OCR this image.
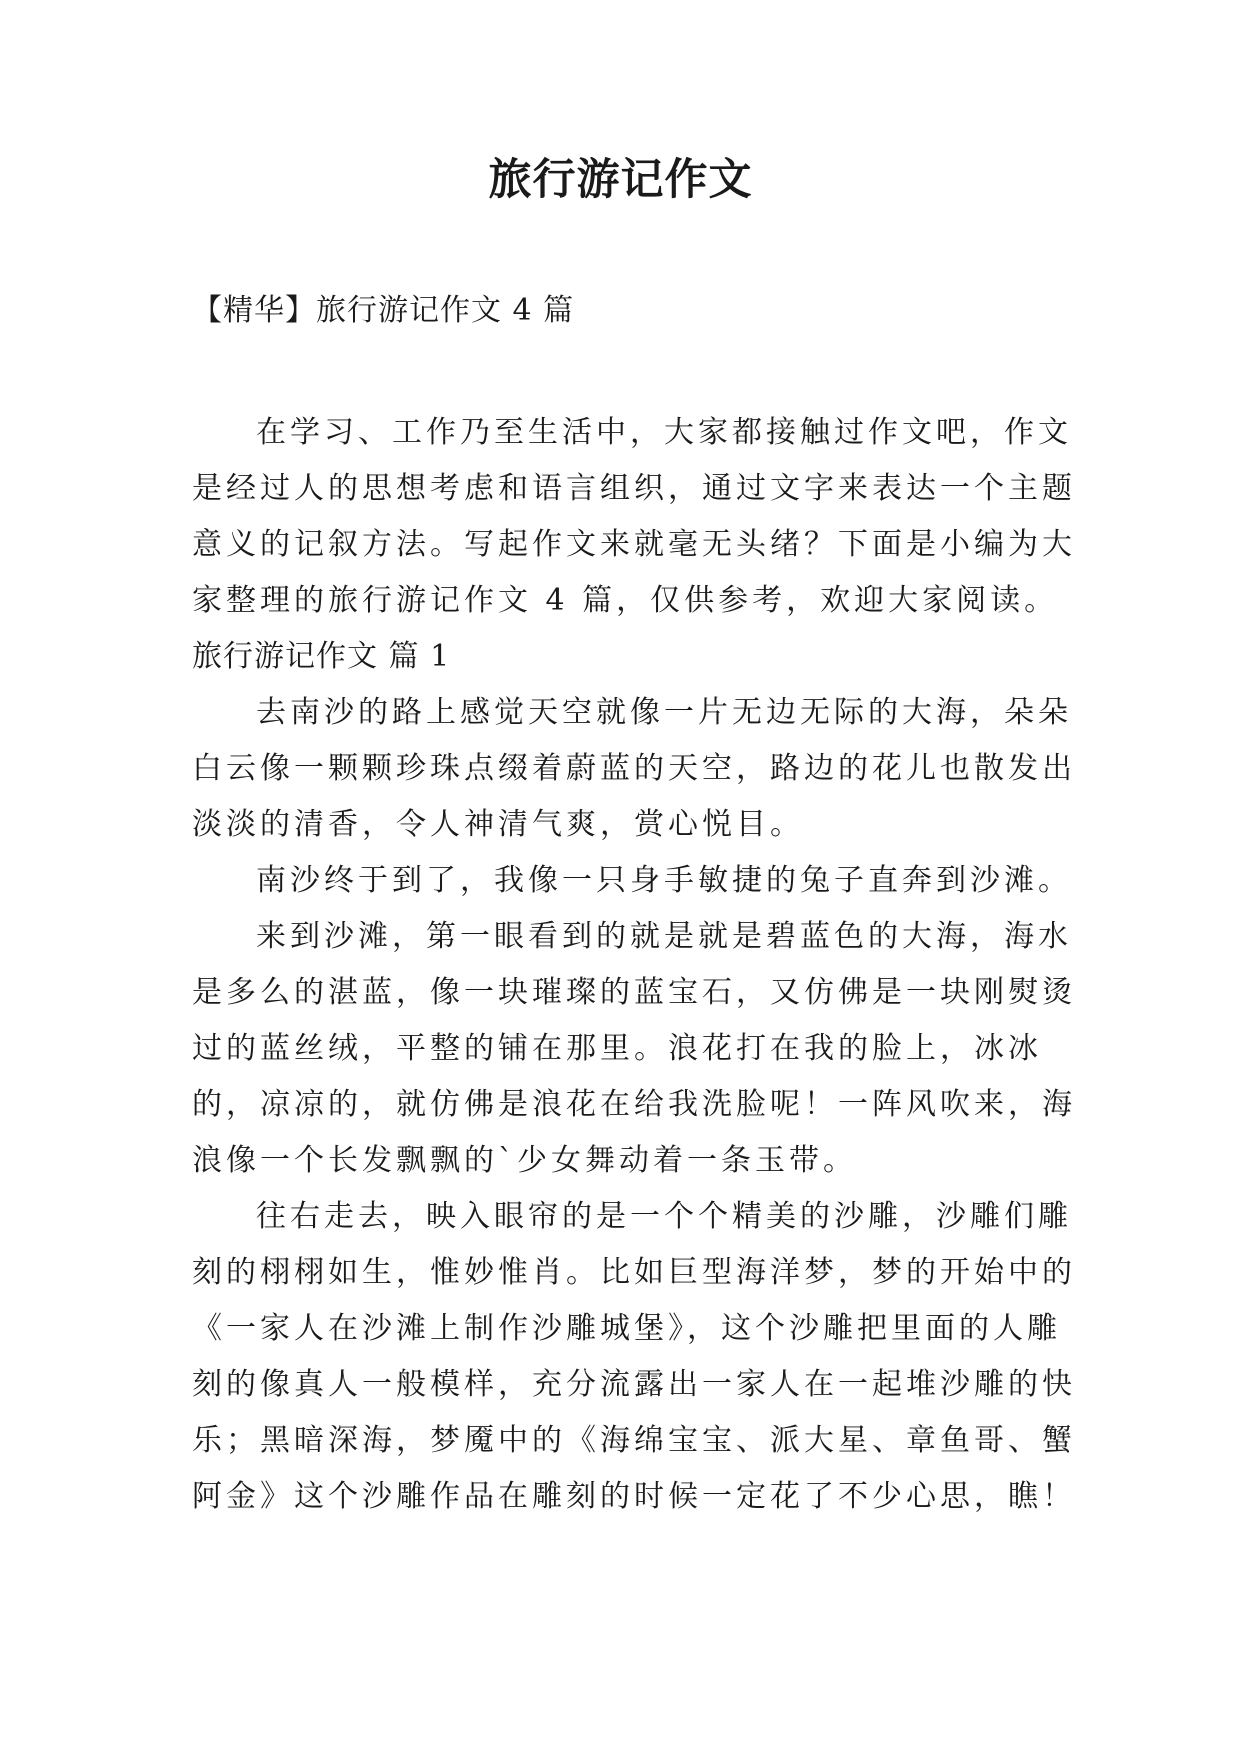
旅行游记作文
【精华】旅行游记作文 4 篇

在学习、工作乃至生活中，大家都接触过作文吧，作文是经过人的思想考虑和语言组织，通过文字来表达一个主题意义的记叙方法。写起作文来就毫无头绪？下面是小编为大家整理的旅行游记作文 4 篇，仅供参考，欢迎大家阅读。

旅行游记作文 篇 1

去南沙的路上感觉天空就像一片无边无际的大海，朵朵白云像一颗颗珍珠点缀着蔚蓝的天空，路边的花儿也散发出淡淡的清香，令人神清气爽，赏心悦目。

南沙终于到了，我像一只身手敏捷的兔子直奔到沙滩。

来到沙滩，第一眼看到的就是就是碧蓝色的大海，海水是多么的湛蓝，像一块璀璨的蓝宝石，又仿佛是一块刚熨烫过的蓝丝绒，平整的铺在那里。浪花打在我的脸上，冰冰的，凉凉的，就仿佛是浪花在给我洗脸呢！一阵风吹来，海浪像一个长发飘飘的`少女舞动着一条玉带。

往右走去，映入眼帘的是一个个精美的沙雕，沙雕们雕刻的栩栩如生，惟妙惟肖。比如巨型海洋梦，梦的开始中的《一家人在沙滩上制作沙雕城堡》，这个沙雕把里面的人雕刻的像真人一般模样，充分流露出一家人在一起堆沙雕的快乐；黑暗深海，梦魇中的《海绵宝宝、派大星、章鱼哥、蟹阿金》这个沙雕作品在雕刻的时候一定花了不少心思，瞧！
